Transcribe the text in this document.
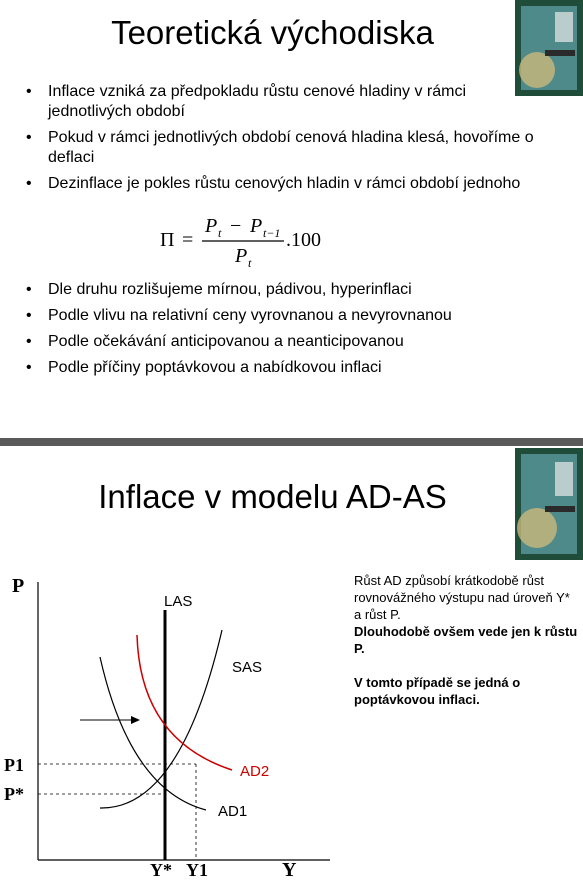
Teoretická východiska
• Inflace vzniká za předpokladu růstu cenové hladiny v rámci jednotlivých období
• Pokud v rámci jednotlivých období cenová hladina klesá, hovoříme o deflaci
• Dezinflace je pokles růstu cenových hladin v rámci období jednoho
Π =
P t − P t−1
P t
.100
• Dle druhu rozlišujeme mírnou, pádivou, hyperinflaci
• Podle vlivu na relativní ceny vyrovnanou a nevyrovnanou
• Podle očekávání anticipovanou a neanticipovanou
• Podle příčiny poptávkovou a nabídkovou inflaci
Inflace v modelu AD-AS
P
Y
LAS
SAS
AD1
AD2
P1
P*
Y* Y1

Růst AD způsobí krátkodobě růst rovnovážného výstupu nad úroveň Y* a růst P.

Dlouhodobě ovšem vede jen k růstu P.

V tomto případě se jedná o poptávkovou inflaci.
